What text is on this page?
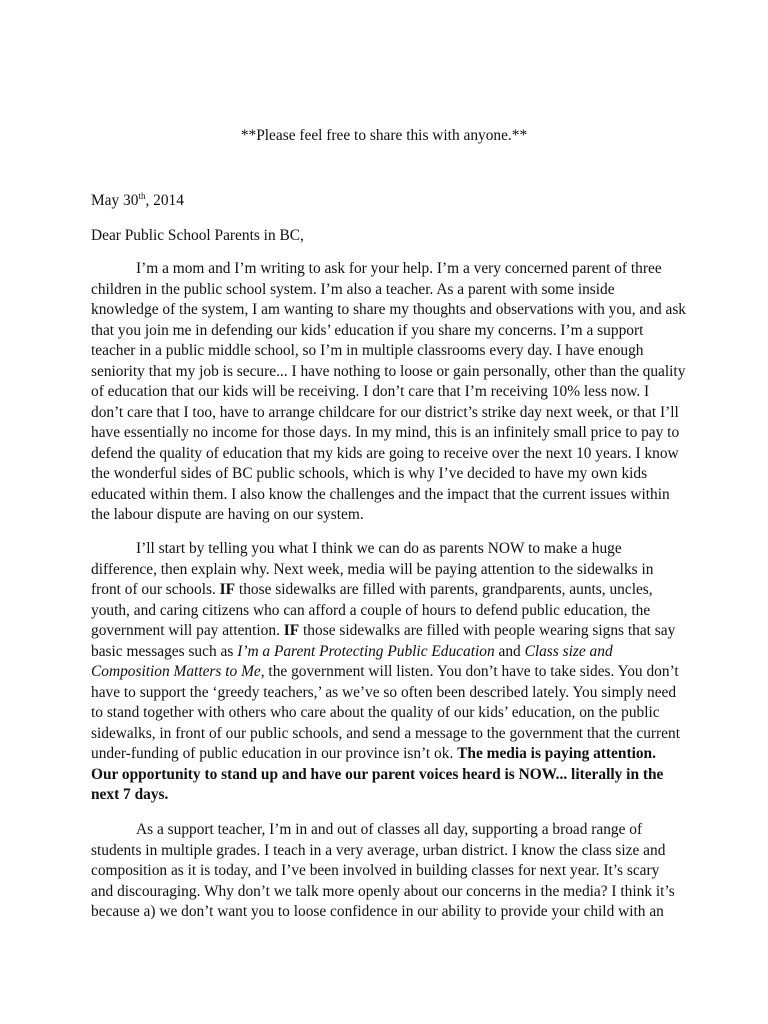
**Please feel free to share this with anyone.**
May 30th, 2014
Dear Public School Parents in BC,
I’m a mom and I’m writing to ask for your help. I’m a very concerned parent of three
children in the public school system. I’m also a teacher. As a parent with some inside
knowledge of the system, I am wanting to share my thoughts and observations with you, and ask
that you join me in defending our kids’ education if you share my concerns. I’m a support
teacher in a public middle school, so I’m in multiple classrooms every day. I have enough
seniority that my job is secure... I have nothing to loose or gain personally, other than the quality
of education that our kids will be receiving. I don’t care that I’m receiving 10% less now. I
don’t care that I too, have to arrange childcare for our district’s strike day next week, or that I’ll
have essentially no income for those days. In my mind, this is an infinitely small price to pay to
defend the quality of education that my kids are going to receive over the next 10 years. I know
the wonderful sides of BC public schools, which is why I’ve decided to have my own kids
educated within them. I also know the challenges and the impact that the current issues within
the labour dispute are having on our system.
I’ll start by telling you what I think we can do as parents NOW to make a huge
difference, then explain why. Next week, media will be paying attention to the sidewalks in
front of our schools. IF those sidewalks are filled with parents, grandparents, aunts, uncles,
youth, and caring citizens who can afford a couple of hours to defend public education, the
government will pay attention. IF those sidewalks are filled with people wearing signs that say
basic messages such as I’m a Parent Protecting Public Education and Class size and
Composition Matters to Me, the government will listen. You don’t have to take sides. You don’t
have to support the ‘greedy teachers,’ as we’ve so often been described lately. You simply need
to stand together with others who care about the quality of our kids’ education, on the public
sidewalks, in front of our public schools, and send a message to the government that the current
under-funding of public education in our province isn’t ok. The media is paying attention.
Our opportunity to stand up and have our parent voices heard is NOW... literally in the
next 7 days.
As a support teacher, I’m in and out of classes all day, supporting a broad range of
students in multiple grades. I teach in a very average, urban district. I know the class size and
composition as it is today, and I’ve been involved in building classes for next year. It’s scary
and discouraging. Why don’t we talk more openly about our concerns in the media? I think it’s
because a) we don’t want you to loose confidence in our ability to provide your child with an
